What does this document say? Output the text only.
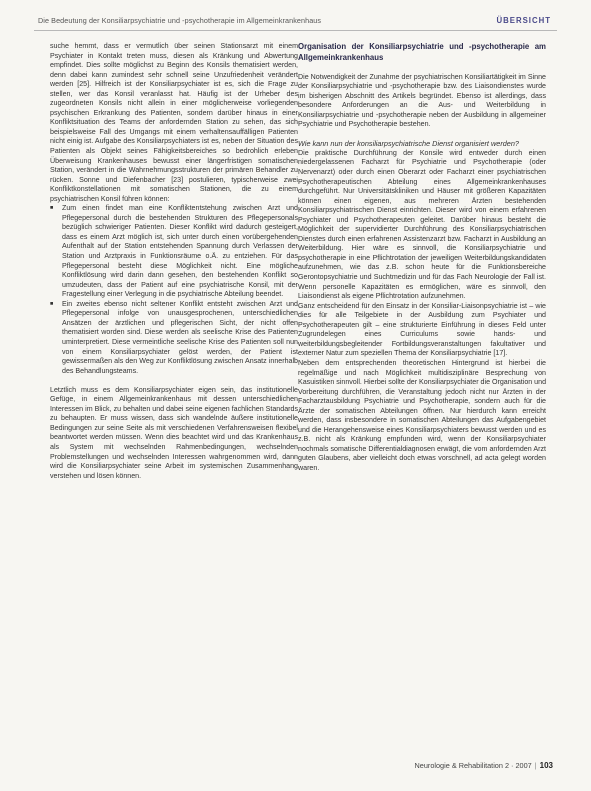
Die Bedeutung der Konsiliarpsychiatrie und -psychotherapie im Allgemeinkrankenhaus	ÜBERSICHT

suche hemmt, dass er vermutlich über seinen Stationsarzt mit einem Psychiater in Kontakt treten muss, diesen als Kränkung und Abwertung empfindet. Dies sollte möglichst zu Beginn des Konsils thematisiert werden, denn dabei kann zumindest sehr schnell seine Unzufriedenheit verändert werden [25]. Hilfreich ist der Konsiliarpsychiater ist es, sich die Frage zu stellen, wer das Konsil veranlasst hat. Häufig ist der Urheber des zugeordneten Konsils nicht allein in einer möglicherweise vorliegenden psychischen Erkrankung des Patienten, sondern darüber hinaus in einer Konfliktsituation des Teams der anfordernden Station zu sehen, das sich beispielsweise Fall des Umgangs mit einem verhaltensauffälligen Patienten nicht einig ist. Aufgabe des Konsiliarpsychiaters ist es, neben der Situation des Patienten als Objekt seines Fähigkeitsbereiches so bedrohlich erleben Überweisung Krankenhauses bewusst einer längerfristigen somatischen Station, verändert in die Wahrnehmungsstrukturen der primären Behandler zu rücken. Sonne und Diefenbacher [23] postulieren, typischerweise zwei Konfliktkonstellationen mit somatischen Stationen, die zu einem psychiatrischen Konsil führen können:

■ Zum einen findet man eine Konfliktentstehung zwischen Arzt und Pflegepersonal durch die bestehenden Strukturen des Pflegepersonals bezüglich schwieriger Patienten. Dieser Konflikt wird dadurch gesteigert, dass es einem Arzt möglich ist, sich unter durch einen vorübergehenden Aufenthalt auf der Station entstehenden Spannung durch Verlassen der Station und Arztpraxis in Funktionsräume o.Ä. zu entziehen. Für das Pflegepersonal besteht diese Möglichkeit nicht. Eine mögliche Konfliktlösung wird darin dann gesehen, den bestehenden Konflikt so umzudeuten, dass der Patient auf eine psychiatrische Konsil, mit der Fragestellung einer Verlegung in die psychiatrische Abteilung beendet.
■ Ein zweites ebenso nicht seltener Konflikt entsteht zwischen Arzt und Pflegepersonal infolge von unausgesprochenen, unterschiedlichen Ansätzen der ärztlichen und pflegerischen Sicht, der nicht offen thematisiert worden sind. Diese werden als seelische Krise des Patienten uminterpretiert. Diese vermeintliche seelische Krise des Patienten soll nun von einem Konsiliarpsychiater gelöst werden, der Patient ist gewissermaßen als den Weg zur Konfliktlösung zwischen Ansatz innerhalb des Behandlungsteams.

Letztlich muss es dem Konsiliarpsychiater eigen sein, das institutionelle Gefüge, in einem Allgemeinkrankenhaus mit dessen unterschiedlichen Interessen im Blick, zu behalten und dabei seine eigenen fachlichen Standards zu behaupten. Er muss wissen, dass sich wandelnde äußere institutionelle Bedingungen zur seine Seite als mit verschiedenen Verfahrensweisen flexibel beantwortet werden müssen. Wenn dies beachtet wird und das Krankenhaus als System mit wechselnden Rahmenbedingungen, wechselnden Problemstellungen und wechselnden Interessen wahrgenommen wird, dann wird die Konsiliarpsychiater seine Arbeit im systemischen Zusammenhang verstehen und lösen können.

Organisation der Konsiliarpsychiatrie und -psychotherapie am Allgemeinkrankenhaus

Die Notwendigkeit der Zunahme der psychiatrischen Konsiliartätigkeit im Sinne der Konsiliarpsychiatrie und -psychotherapie bzw. des Liaisondienstes wurde im bisherigen Abschnitt des Artikels begründet. Ebenso ist allerdings, dass besondere Anforderungen an die Aus- und Weiterbildung in Konsiliarpsychiatrie und -psychotherapie neben der Ausbildung in allgemeiner Psychiatrie und Psychotherapie bestehen.

Wie kann nun der konsiliarpsychiatrische Dienst organisiert werden?

Die praktische Durchführung der Konsile wird entweder durch einen niedergelassenen Facharzt für Psychiatrie und Psychotherapie (oder Nervenarzt) oder durch einen Oberarzt oder Facharzt einer psychiatrischen Psychotherapeutischen Abteilung eines Allgemeinkrankenhauses durchgeführt. Nur Universitätskliniken und Häuser mit größeren Kapazitäten können einen eigenen, aus mehreren Ärzten bestehenden Konsiliarpsychiatrischen Dienst einrichten. Dieser wird von einem erfahrenen Psychiater und Psychotherapeuten geleitet. Darüber hinaus besteht die Möglichkeit der supervidierter Durchführung des Konsiliarpsychiatrischen Dienstes durch einen erfahrenen Assistenzarzt bzw. Facharzt in Ausbildung an Weiterbildung. Hier wäre es sinnvoll, die Konsiliarpsychiatrie und psychotherapie in eine Pflichtrotation der jeweiligen Weiterbildungskandidaten aufzunehmen, wie das z.B. schon heute für die Funktionsbereiche Gerontopsychiatrie und Suchtmedizin und für das Fach Neurologie der Fall ist. Wenn personelle Kapazitäten es ermöglichen, wäre es sinnvoll, den Liaisondienst als eigene Pflichtrotation aufzunehmen.

Ganz entscheidend für den Einsatz in der Konsiliar-Liaisonpsychiatrie ist – wie dies für alle Teilgebiete in der Ausbildung zum Psychiater und Psychotherapeuten gilt – eine strukturierte Einführung in dieses Feld unter Zugrundelegen eines Curriculums sowie hands- und weiterbildungsbegleitender Fortbildungsveranstaltungen fakultativer und externer Natur zum speziellen Thema der Konsiliarpsychiatrie [17].

Neben dem entsprechenden theoretischen Hintergrund ist hierbei die regelmäßige und nach Möglichkeit multidisziplinäre Besprechung von Kasuistiken sinnvoll. Hierbei sollte der Konsiliarpsychiater die Organisation und Vorbereitung durchführen, die Veranstaltung jedoch nicht nur Ärzten in der Facharztausbildung Psychiatrie und Psychotherapie, sondern auch für die Ärzte der somatischen Abteilungen öffnen. Nur hierdurch kann erreicht werden, dass insbesondere in somatischen Abteilungen das Aufgabengebiet und die Herangehensweise eines Konsiliarpsychiaters bewusst werden und es z.B. nicht als Kränkung empfunden wird, wenn der Konsiliarpsychiater nochmals somatische Differentialdiagnosen erwägt, die vom anfordernden Arzt guten Glaubens, aber vielleicht doch etwas vorschnell, ad acta gelegt worden waren.

Neurologie & Rehabilitation 2 · 2007 | 103
